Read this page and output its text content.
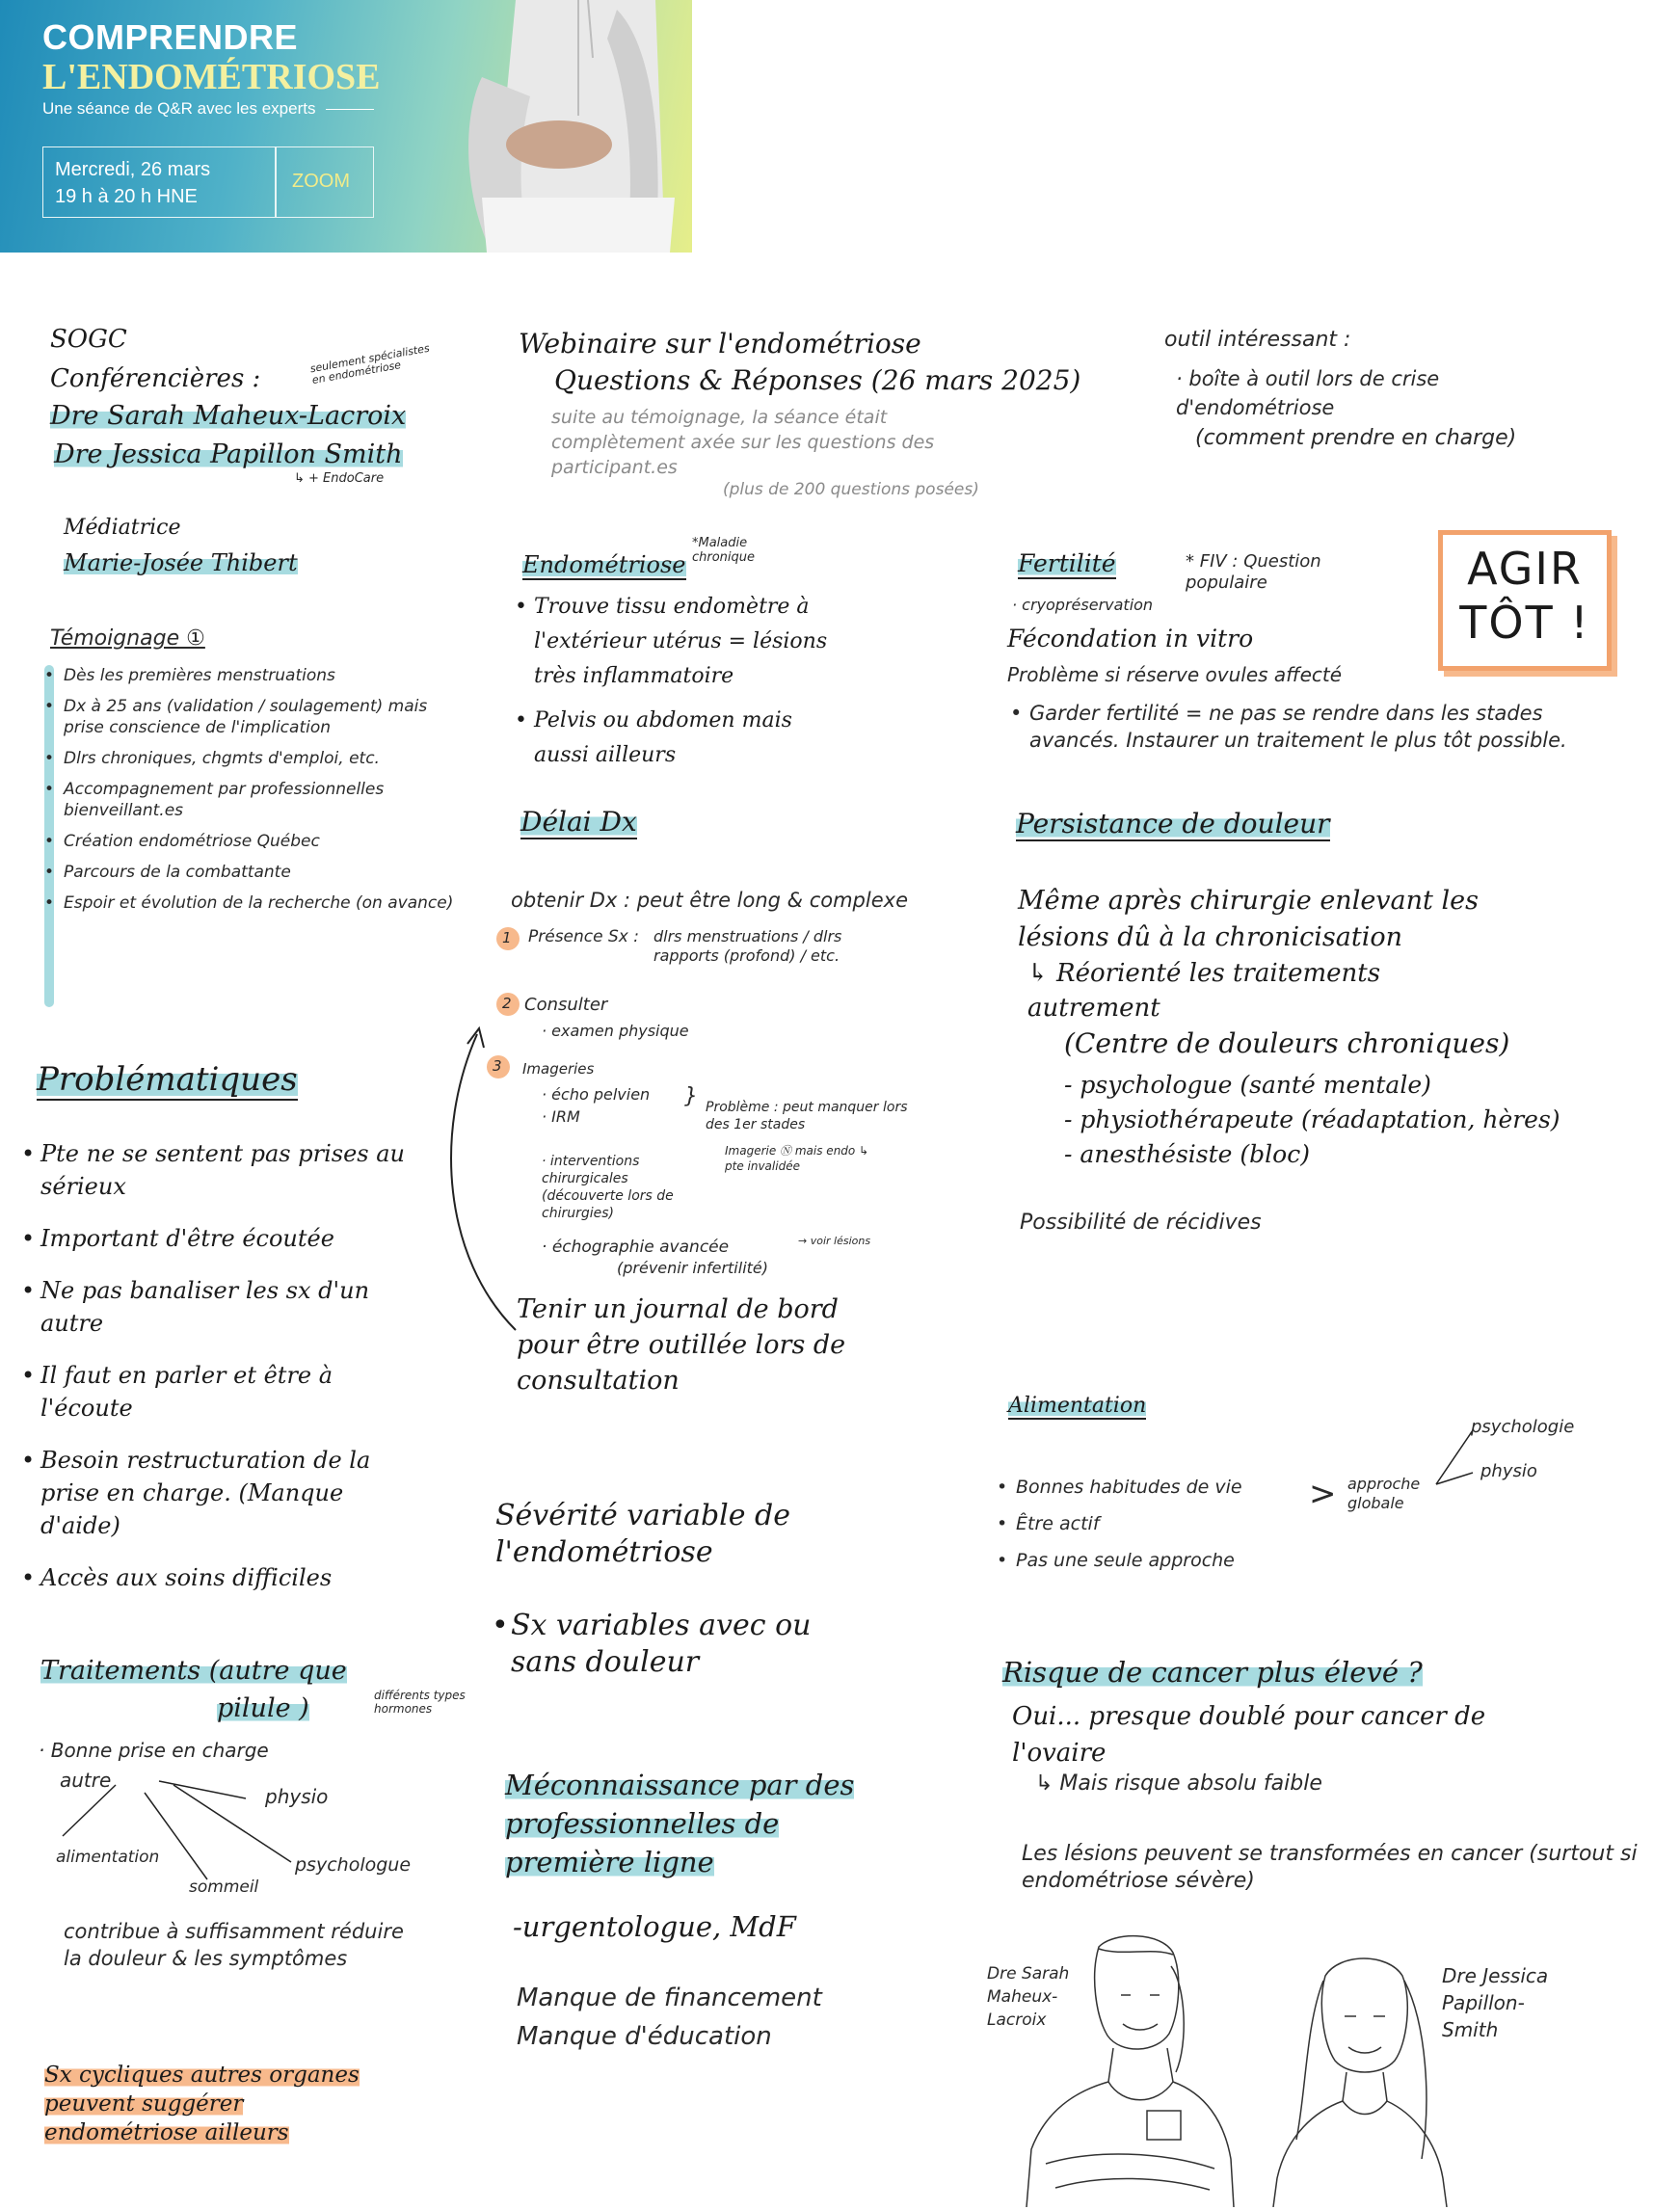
COMPRENDRE
L'ENDOMÉTRIOSE
Une séance de Q&R avec les experts
Mercredi, 26 mars
19 h à 20 h HNE
ZOOM
SOGC
Conférencières :
seulement spécialistes en endométriose
Dre Sarah Maheux-Lacroix
Dre Jessica Papillon Smith
↳ + EndoCare
Médiatrice
Marie-Josée Thibert
Témoignage ①
• Dès les premières menstruations
• Dx à 25 ans (validation / soulagement) mais prise conscience de l'implication
• Dlrs chroniques, chgmts d'emploi, etc.
• Accompagnement par professionnelles bienveillant.es
• Création endométriose Québec
• Parcours de la combattante
• Espoir et évolution de la recherche (on avance)
Problématiques
• Pte ne se sentent pas prises au sérieux
• Important d'être écoutée
• Ne pas banaliser les sx d'un autre
• Il faut en parler et être à l'écoute
• Besoin restructuration de la prise en charge. (Manque d'aide)
• Accès aux soins difficiles
Traitements (autre que
pilule )	différents types hormones
· Bonne prise en charge
autre
physio
alimentation
sommeil
psychologue
contribue à suffisamment réduire la douleur & les symptômes
Sx cycliques autres organes peuvent suggérer endométriose ailleurs
Webinaire sur l'endométriose
Questions & Réponses (26 mars 2025)
suite au témoignage, la séance était complètement axée sur les questions des participant.es
(plus de 200 questions posées)
Endométriose
*Maladie chronique
• Trouve tissu endomètre à l'extérieur utérus = lésions très inflammatoire
• Pelvis ou abdomen mais aussi ailleurs
Délai Dx
obtenir Dx : peut être long & complexe
1 Présence Sx : dlrs menstruations / dlrs rapports (profond) / etc.
2 Consulter
· examen physique
3 Imageries
· écho pelvien
· IRM
} Problème : peut manquer lors des 1er stades
Imagerie Ⓝ mais endo ↳ pte invalidée
· interventions chirurgicales (découverte lors de chirurgies)
· échographie avancée	→ voir lésions
(prévenir infertilité)
Tenir un journal de bord pour être outillée lors de consultation
Sévérité variable de l'endométriose
• Sx variables avec ou sans douleur
Méconnaissance par des professionnelles de première ligne
-urgentologue, MdF
Manque de financement
Manque d'éducation
outil intéressant :
· boîte à outil lors de crise d'endométriose
(comment prendre en charge)
AGIR
TÔT !
Fertilité	* FIV : Question populaire
· cryopréservation
Fécondation in vitro
Problème si réserve ovules affecté
• Garder fertilité = ne pas se rendre dans les stades avancés. Instaurer un traitement le plus tôt possible.
Persistance de douleur
Même après chirurgie enlevant les lésions dû à la chronicisation
↳ Réorienté les traitements autrement
(Centre de douleurs chroniques)
- psychologue (santé mentale)
- physiothérapeute (réadaptation, hères)
- anesthésiste (bloc)
Possibilité de récidives
Alimentation
• Bonnes habitudes de vie
• Être actif
• Pas une seule approche
> approche globale
psychologie
physio
Risque de cancer plus élevé ?
Oui... presque doublé pour cancer de l'ovaire
↳ Mais risque absolu faible
Les lésions peuvent se transformées en cancer (surtout si endométriose sévère)
Dre Sarah Maheux-Lacroix
Dre Jessica Papillon-Smith
